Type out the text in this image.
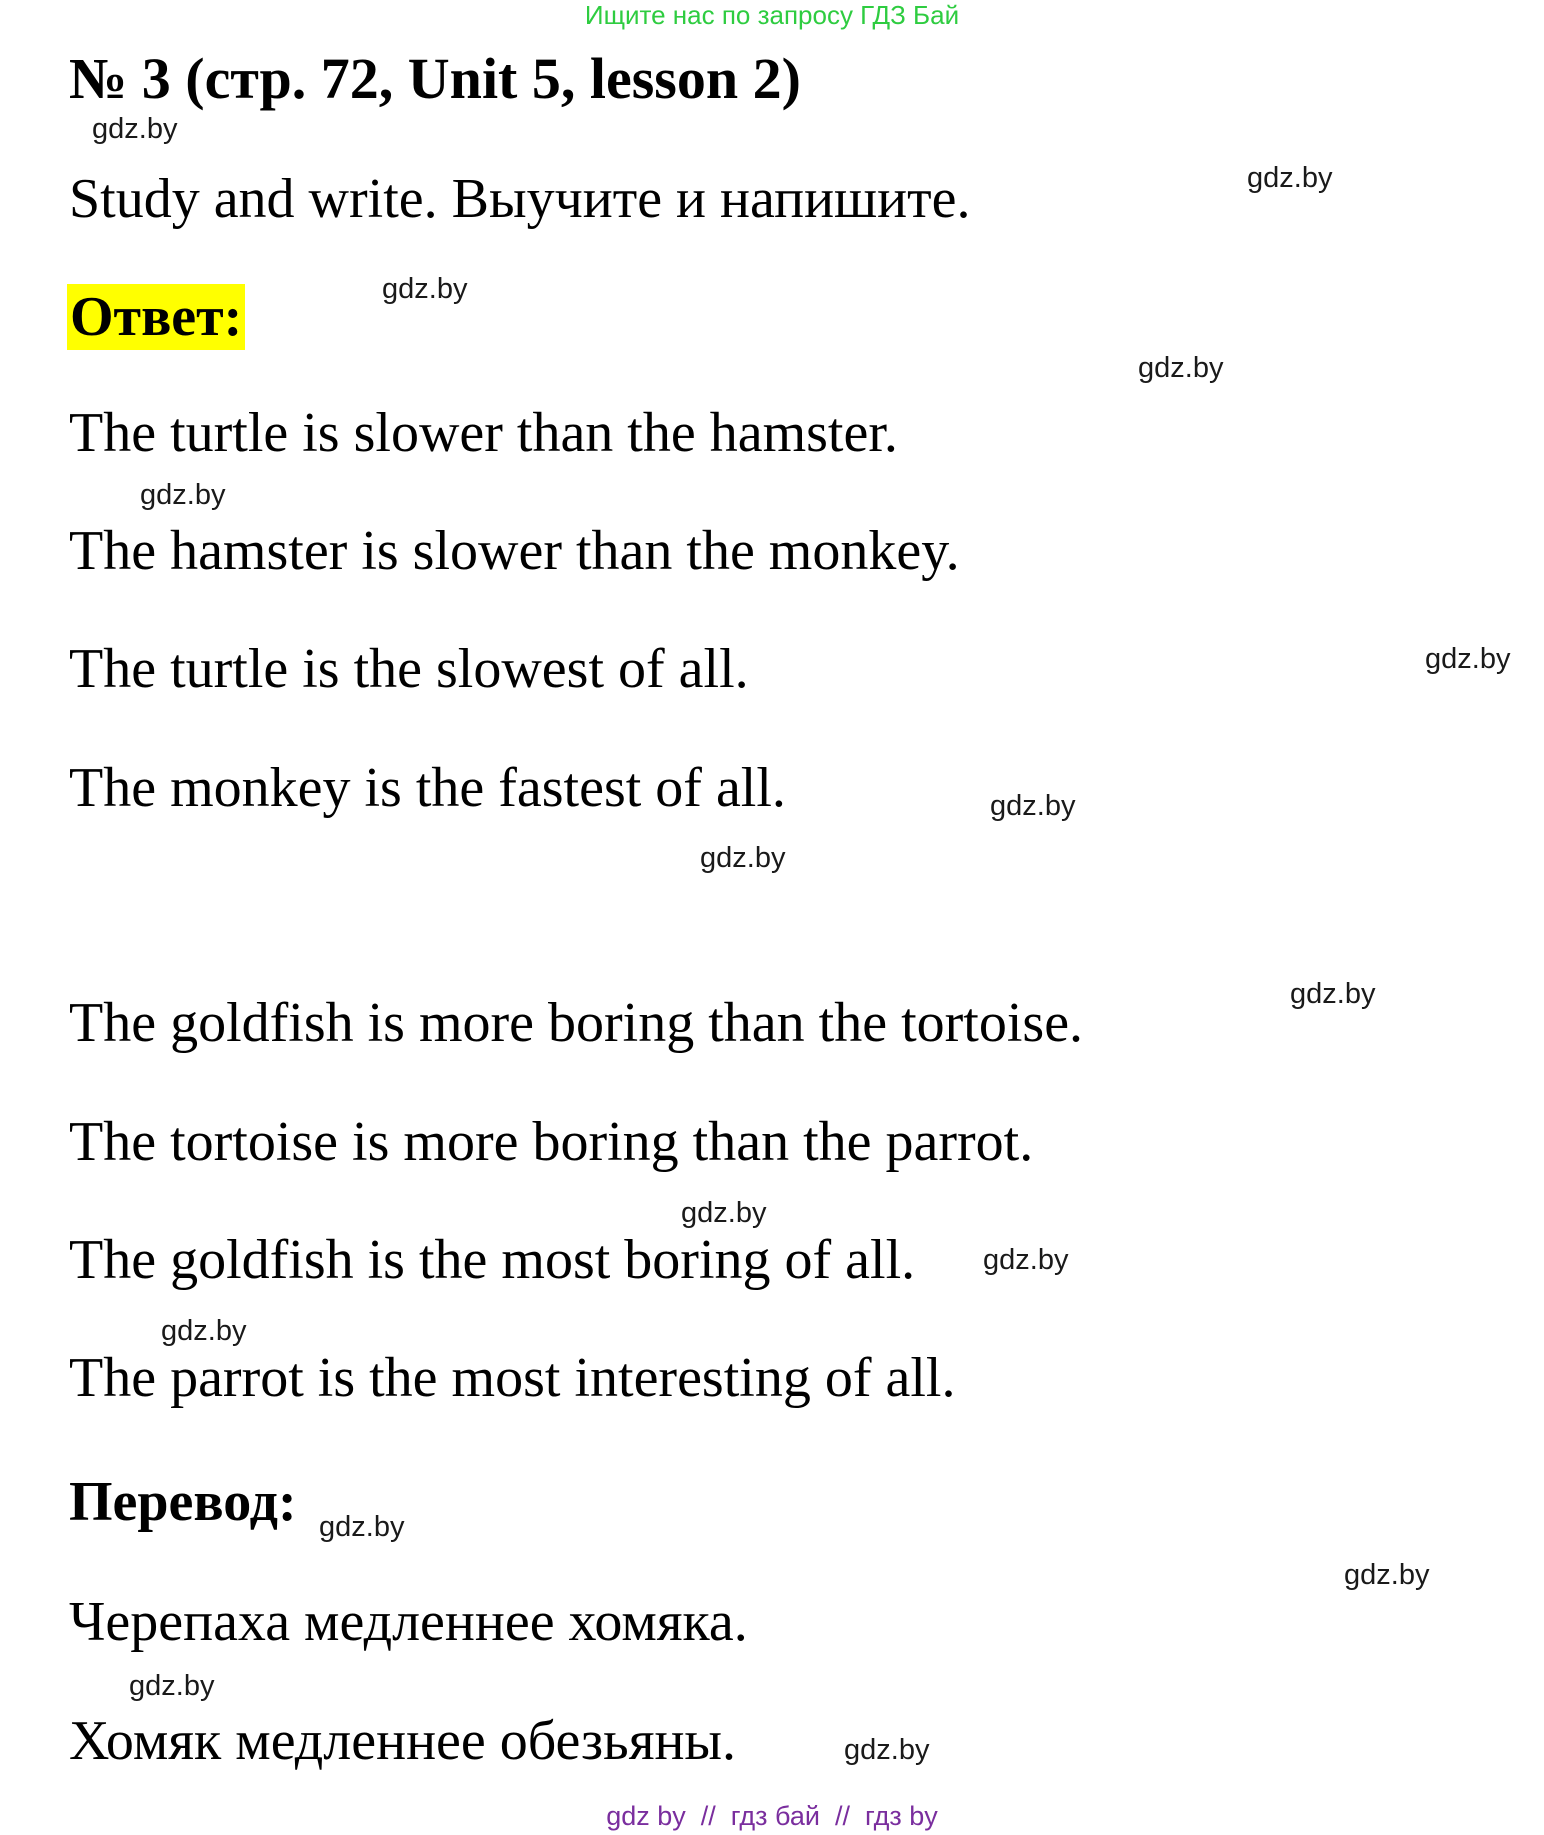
Ищите нас по запросу ГДЗ Бай
№ 3 (стр. 72, Unit 5, lesson 2)
Study and write. Выучите и напишите.
Ответ:
The turtle is slower than the hamster.
The hamster is slower than the monkey.
The turtle is the slowest of all.
The monkey is the fastest of all.
The goldfish is more boring than the tortoise.
The tortoise is more boring than the parrot.
The goldfish is the most boring of all.
The parrot is the most interesting of all.
Перевод:
Черепаха медленнее хомяка.
Хомяк медленнее обезьяны.
gdz.by
gdz.by
gdz.by
gdz.by
gdz.by
gdz.by
gdz.by
gdz.by
gdz.by
gdz.by
gdz.by
gdz.by
gdz.by
gdz.by
gdz.by
gdz.by
gdz by  //  гдз бай  //  гдз by
